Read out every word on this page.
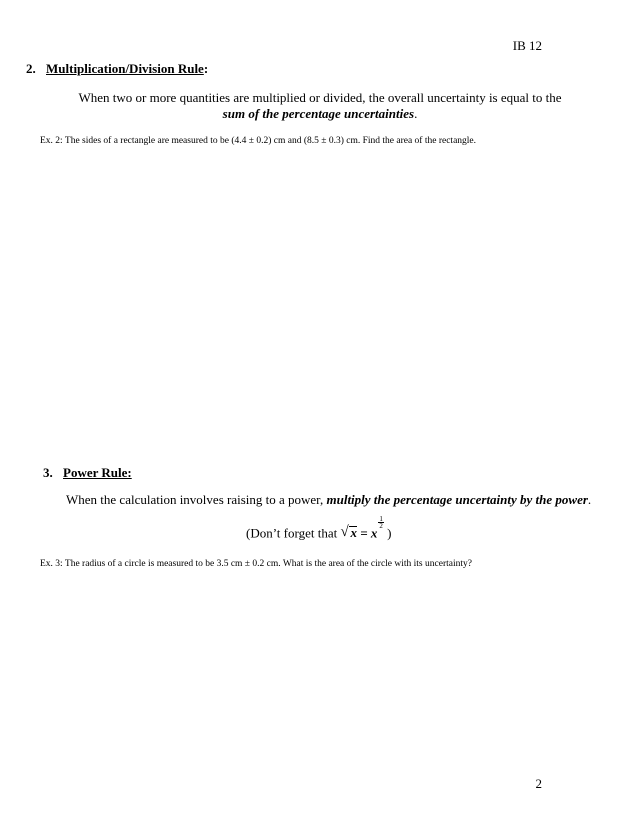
IB 12
2. Multiplication/Division Rule:
When two or more quantities are multiplied or divided, the overall uncertainty is equal to the
sum of the percentage uncertainties.
Ex. 2: The sides of a rectangle are measured to be (4.4 ± 0.2) cm and (8.5 ± 0.3) cm. Find the area of the rectangle.
3. Power Rule:
When the calculation involves raising to a power, multiply the percentage uncertainty by the power.
(Don’t forget that √ x = x
$\frac{1}{2}$
)
Ex. 3: The radius of a circle is measured to be 3.5 cm ± 0.2 cm. What is the area of the circle with its uncertainty?
2
